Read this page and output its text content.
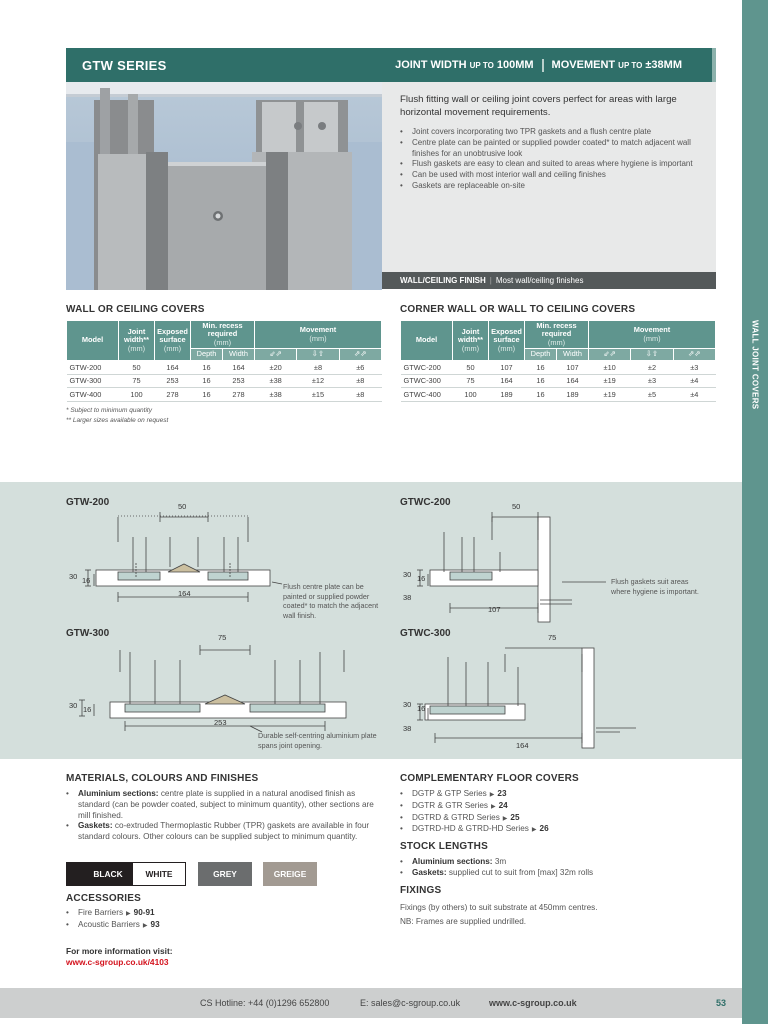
WALL JOINT COVERS
GTW SERIES	JOINT WIDTH
UP TO
100MM MOVEMENT
UP TO
±38MM

Flush fitting wall or ceiling joint covers perfect for areas with large horizontal movement requirements.

• Joint covers incorporating two TPR gaskets and a flush centre plate
• Centre plate can be painted or supplied powder coated* to match adjacent wall finishes for an unobtrusive look
• Flush gaskets are easy to clean and suited to areas where hygiene is important
• Can be used with most interior wall and ceiling finishes
• Gaskets are replaceable on-site
WALL/CEILING FINISH | Most wall/ceiling finishes
WALL OR CEILING COVERS
Model	Joint width**
(mm)	Exposed surface
(mm)	Min. recess required
(mm)		Movement
(mm)		
			Depth	Width	⇙⇗	⇩⇧	⇗⇗
GTW-200	50	164	16	164	±20	±8	±6
GTW-300	75	253	16	253	±38	±12	±8
GTW-400	100	278	16	278	±38	±15	±8
* Subject to minimum quantity
** Larger sizes available on request
CORNER WALL OR WALL TO CEILING COVERS
Model	Joint width**
(mm)	Exposed surface
(mm)	Min. recess required
(mm)		Movement
(mm)		
			Depth	Width	⇙⇗	⇩⇧	⇗⇗
GTWC-200	50	107	16	107	±10	±2	±3
GTWC-300	75	164	16	164	±19	±3	±4
GTWC-400	100	189	16	189	±19	±5	±4
GTW-200
GTW-300
GTWC-200
GTWC-300
50
164
30 16
Flush centre plate can be painted or supplied powder coated* to match the adjacent wall finish.
75
253
30 16
Durable self-centring aluminium plate spans joint opening.
50
107
30 16
38
Flush gaskets suit areas where hygiene is important.
75
164
30 16
38
MATERIALS, COLOURS AND FINISHES
• Aluminium sections: centre plate is supplied in a natural anodised finish as standard (can be powder coated, subject to minimum quantity), other sections are mill finished.
• Gaskets: co-extruded Thermoplastic Rubber (TPR) gaskets are available in four standard colours. Other colours can be supplied subject to minimum quantity.
BLACK	WHITE	GREY	GREIGE
ACCESSORIES
• Fire Barriers ▶ 90-91
• Acoustic Barriers ▶ 93
For more information visit:
www.c-sgroup.co.uk/4103
COMPLEMENTARY FLOOR COVERS
• DGTP & GTP Series ▶ 23
• DGTR & GTR Series ▶ 24
• DGTRD & GTRD Series ▶ 25
• DGTRD-HD & GTRD-HD Series ▶ 26
STOCK LENGTHS
• Aluminium sections: 3m
• Gaskets: supplied cut to suit from [max] 32m rolls
FIXINGS
Fixings (by others) to suit substrate at 450mm centres.
NB: Frames are supplied undrilled.
CS Hotline: +44 (0)1296 652800	E: sales@c-sgroup.co.uk	www.c-sgroup.co.uk	53
